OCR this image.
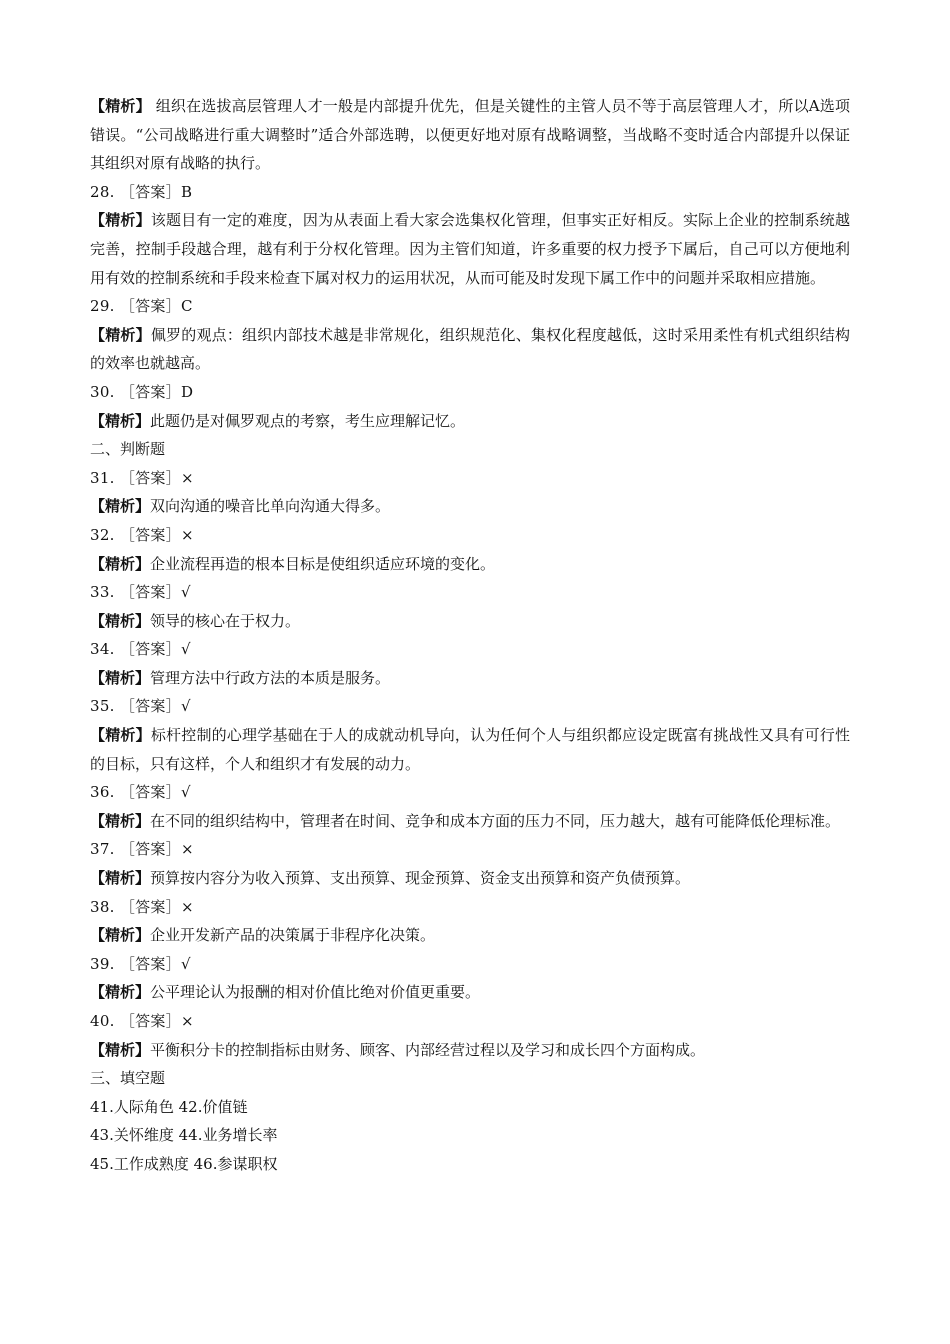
【精析】 组织在选拔高层管理人才一般是内部提升优先，但是关键性的主管人员不等于高层管理人才，所以A选项错误。“公司战略进行重大调整时”适合外部选聘，以便更好地对原有战略调整，当战略不变时适合内部提升以保证其组织对原有战略的执行。
28. ［答案］B
【精析】该题目有一定的难度，因为从表面上看大家会选集权化管理，但事实正好相反。实际上企业的控制系统越完善，控制手段越合理，越有利于分权化管理。因为主管们知道，许多重要的权力授予下属后，自己可以方便地利用有效的控制系统和手段来检查下属对权力的运用状况，从而可能及时发现下属工作中的问题并采取相应措施。
29. ［答案］C
【精析】佩罗的观点：组织内部技术越是非常规化，组织规范化、集权化程度越低，这时采用柔性有机式组织结构的效率也就越高。
30. ［答案］D
【精析】此题仍是对佩罗观点的考察，考生应理解记忆。
二、判断题
31. ［答案］×
【精析】双向沟通的噪音比单向沟通大得多。
32. ［答案］×
【精析】企业流程再造的根本目标是使组织适应环境的变化。
33. ［答案］√
【精析】领导的核心在于权力。
34. ［答案］√
【精析】管理方法中行政方法的本质是服务。
35. ［答案］√
【精析】标杆控制的心理学基础在于人的成就动机导向，认为任何个人与组织都应设定既富有挑战性又具有可行性的目标，只有这样，个人和组织才有发展的动力。
36. ［答案］√
【精析】在不同的组织结构中，管理者在时间、竞争和成本方面的压力不同，压力越大，越有可能降低伦理标准。
37. ［答案］×
【精析】预算按内容分为收入预算、支出预算、现金预算、资金支出预算和资产负债预算。
38. ［答案］×
【精析】企业开发新产品的决策属于非程序化决策。
39. ［答案］√
【精析】公平理论认为报酬的相对价值比绝对价值更重要。
40. ［答案］×
【精析】平衡积分卡的控制指标由财务、顾客、内部经营过程以及学习和成长四个方面构成。
三、填空题
41.人际角色 42.价值链
43.关怀维度 44.业务增长率
45.工作成熟度 46.参谋职权
